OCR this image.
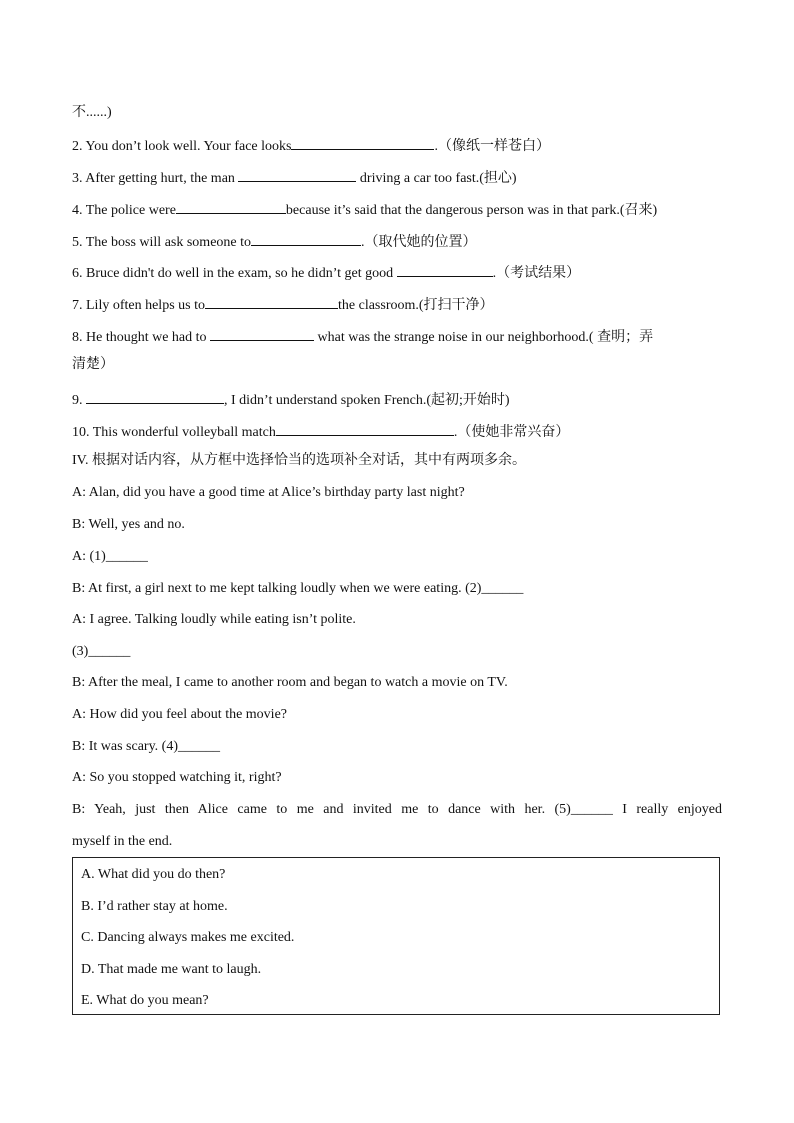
不......)
2. You don’t look well. Your face looks	.（像纸一样苍白）
3. After getting hurt, the man	driving a car too fast.(担心)
4. The police were	because it’s said that the dangerous person was in that park.(召来)
5. The boss will ask someone to	.（取代她的位置）
6. Bruce didn't do well in the exam, so he didn’t get good	.（考试结果）
7. Lily often helps us to	the classroom.(打扫干净）
8. He thought we had to	what was the strange noise in our neighborhood.( 查明；弄
清楚）
9.	, I didn’t understand spoken French.(起初;开始时)
10. This wonderful volleyball match	.（使她非常兴奋）
IV. 根据对话内容，从方框中选择恰当的选项补全对话，其中有两项多余。
A: Alan, did you have a good time at Alice’s birthday party last night?
B: Well, yes and no.
A: (1)______
B: At first, a girl next to me kept talking loudly when we were eating. (2)______
A: I agree. Talking loudly while eating isn’t polite.
(3)______
B: After the meal, I came to another room and began to watch a movie on TV.
A: How did you feel about the movie?
B: It was scary. (4)______
A: So you stopped watching it, right?
B: Yeah, just then Alice came to me and invited me to dance with her. (5)______ I really enjoyed
myself in the end.
A. What did you do then?
B. I’d rather stay at home.
C. Dancing always makes me excited.
D. That made me want to laugh.
E. What do you mean?
